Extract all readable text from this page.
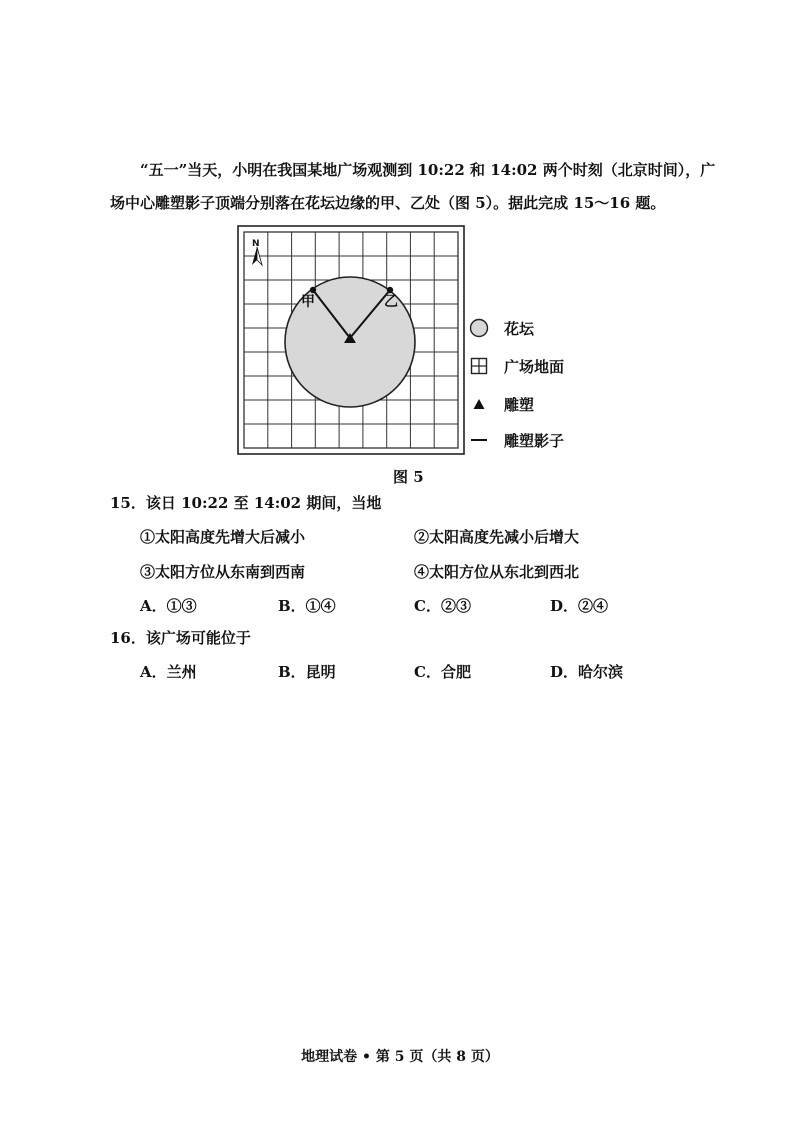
“五一”当天，小明在我国某地广场观测到 10:22 和 14:02 两个时刻（北京时间），广
场中心雕塑影子顶端分别落在花坛边缘的甲、乙处（图 5）。据此完成 15～16 题。
N
甲	乙
花坛
广场地面
雕塑
雕塑影子
图 5
15．该日 10:22 至 14:02 期间，当地
①太阳高度先增大后减小	②太阳高度先减小后增大
③太阳方位从东南到西南	④太阳方位从东北到西北
A．①③	B．①④	C．②③	D．②④
16．该广场可能位于
A．兰州	B．昆明	C．合肥	D．哈尔滨
地理试卷 • 第 5 页（共 8 页）
